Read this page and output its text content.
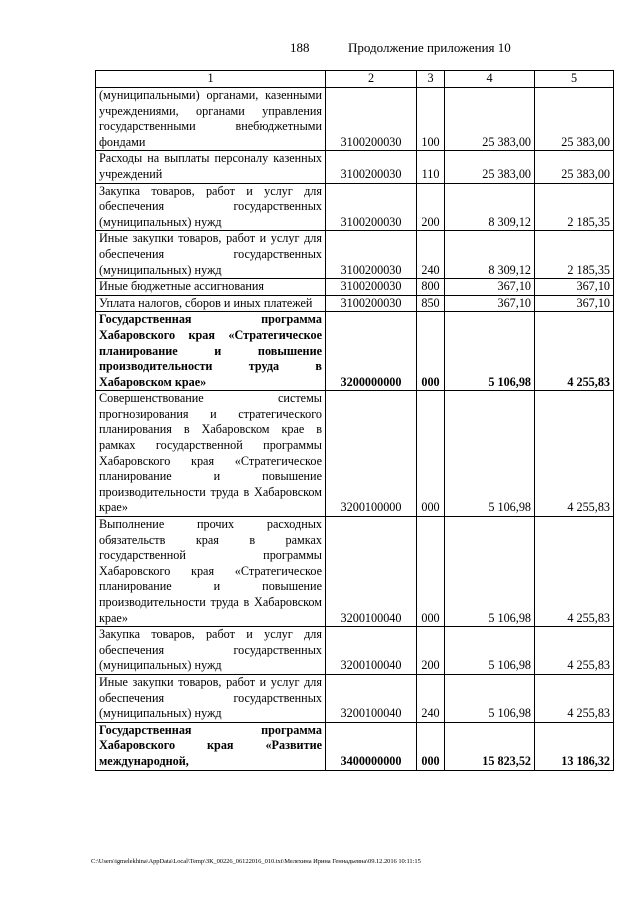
188	Продолжение приложения 10
1	2	3	4	5
(муниципальными) органами, казенными учреждениями, органами управления государственными внебюджетными фондами	3100200030	100	25 383,00	25 383,00
Расходы на выплаты персоналу казенных учреждений	3100200030	110	25 383,00	25 383,00
Закупка товаров, работ и услуг для обеспечения государственных (муниципальных) нужд	3100200030	200	8 309,12	2 185,35
Иные закупки товаров, работ и услуг для обеспечения государственных (муниципальных) нужд	3100200030	240	8 309,12	2 185,35
Иные бюджетные ассигнования	3100200030	800	367,10	367,10
Уплата налогов, сборов и иных платежей	3100200030	850	367,10	367,10
Государственная программа Хабаровского края «Стратегическое планирование и повышение производительности труда в Хабаровском крае»	3200000000	000	5 106,98	4 255,83
Совершенствование системы прогнозирования и стратегического планирования в Хабаровском крае в рамках государственной программы Хабаровского края «Стратегическое планирование и повышение производительности труда в Хабаровском крае»	3200100000	000	5 106,98	4 255,83
Выполнение прочих расходных обязательств края в рамках государственной программы Хабаровского края «Стратегическое планирование и повышение производительности труда в Хабаровском крае»	3200100040	000	5 106,98	4 255,83
Закупка товаров, работ и услуг для обеспечения государственных (муниципальных) нужд	3200100040	200	5 106,98	4 255,83
Иные закупки товаров, работ и услуг для обеспечения государственных (муниципальных) нужд	3200100040	240	5 106,98	4 255,83
Государственная программа Хабаровского края «Развитие международной,	3400000000	000	15 823,52	13 186,32
C:\Users\igmelekhina\AppData\Local\Temp\ЗК_00226_06122016_010.txt\Мелехина Ирина Геннадьевна\09.12.2016 10:11:15
